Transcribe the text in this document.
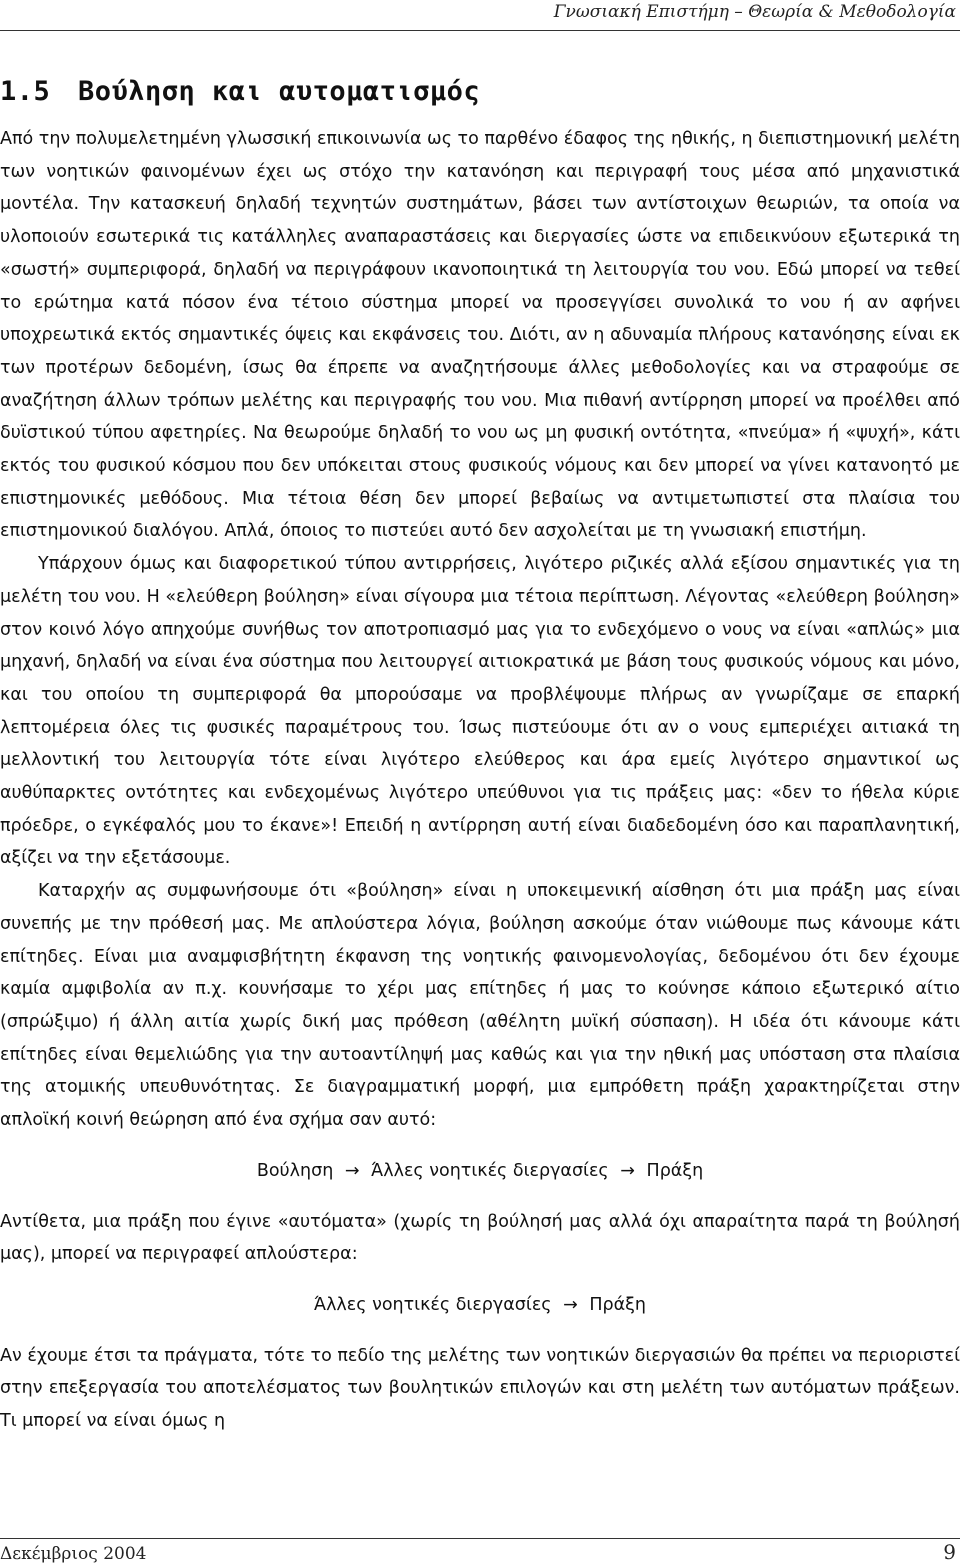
Γνωσιακή Επιστήμη – Θεωρία & Μεθοδολογία
1.5 Βούληση και αυτοματισμός

Από την πολυμελετημένη γλωσσική επικοινωνία ως το παρθένο έδαφος της ηθικής, η διεπιστημονική μελέτη των νοητικών φαινομένων έχει ως στόχο την κατανόηση και περιγραφή τους μέσα από μηχανιστικά μοντέλα. Την κατασκευή δηλαδή τεχνητών συστημάτων, βάσει των αντίστοιχων θεωριών, τα οποία να υλοποιούν εσωτερικά τις κατάλληλες αναπαραστάσεις και διεργασίες ώστε να επιδεικνύουν εξωτερικά τη «σωστή» συμπεριφορά, δηλαδή να περιγράφουν ικανοποιητικά τη λειτουργία του νου. Εδώ μπορεί να τεθεί το ερώτημα κατά πόσον ένα τέτοιο σύστημα μπορεί να προσεγγίσει συνολικά το νου ή αν αφήνει υποχρεωτικά εκτός σημαντικές όψεις και εκφάνσεις του. Διότι, αν η αδυναμία πλήρους κατανόησης είναι εκ των προτέρων δεδομένη, ίσως θα έπρεπε να αναζητήσουμε άλλες μεθοδολογίες και να στραφούμε σε αναζήτηση άλλων τρόπων μελέτης και περιγραφής του νου. Μια πιθανή αντίρρηση μπορεί να προέλθει από δυϊστικού τύπου αφετηρίες. Να θεωρούμε δηλαδή το νου ως μη φυσική οντότητα, «πνεύμα» ή «ψυχή», κάτι εκτός του φυσικού κόσμου που δεν υπόκειται στους φυσικούς νόμους και δεν μπορεί να γίνει κατανοητό με επιστημονικές μεθόδους. Μια τέτοια θέση δεν μπορεί βεβαίως να αντιμετωπιστεί στα πλαίσια του επιστημονικού διαλόγου. Απλά, όποιος το πιστεύει αυτό δεν ασχολείται με τη γνωσιακή επιστήμη.

Υπάρχουν όμως και διαφορετικού τύπου αντιρρήσεις, λιγότερο ριζικές αλλά εξίσου σημαντικές για τη μελέτη του νου. Η «ελεύθερη βούληση» είναι σίγουρα μια τέτοια περίπτωση. Λέγοντας «ελεύθερη βούληση» στον κοινό λόγο απηχούμε συνήθως τον αποτροπιασμό μας για το ενδεχόμενο ο νους να είναι «απλώς» μια μηχανή, δηλαδή να είναι ένα σύστημα που λειτουργεί αιτιοκρατικά με βάση τους φυσικούς νόμους και μόνο, και του οποίου τη συμπεριφορά θα μπορούσαμε να προβλέψουμε πλήρως αν γνωρίζαμε σε επαρκή λεπτομέρεια όλες τις φυσικές παραμέτρους του. Ίσως πιστεύουμε ότι αν ο νους εμπεριέχει αιτιακά τη μελλοντική του λειτουργία τότε είναι λιγότερο ελεύθερος και άρα εμείς λιγότερο σημαντικοί ως αυθύπαρκτες οντότητες και ενδεχομένως λιγότερο υπεύθυνοι για τις πράξεις μας: «δεν το ήθελα κύριε πρόεδρε, ο εγκέφαλός μου το έκανε»! Επειδή η αντίρρηση αυτή είναι διαδεδομένη όσο και παραπλανητική, αξίζει να την εξετάσουμε.

Καταρχήν ας συμφωνήσουμε ότι «βούληση» είναι η υποκειμενική αίσθηση ότι μια πράξη μας είναι συνεπής με την πρόθεσή μας. Με απλούστερα λόγια, βούληση ασκούμε όταν νιώθουμε πως κάνουμε κάτι επίτηδες. Είναι μια αναμφισβήτητη έκφανση της νοητικής φαινομενολογίας, δεδομένου ότι δεν έχουμε καμία αμφιβολία αν π.χ. κουνήσαμε το χέρι μας επίτηδες ή μας το κούνησε κάποιο εξωτερικό αίτιο (σπρώξιμο) ή άλλη αιτία χωρίς δική μας πρόθεση (αθέλητη μυϊκή σύσπαση). Η ιδέα ότι κάνουμε κάτι επίτηδες είναι θεμελιώδης για την αυτοαντίληψή μας καθώς και για την ηθική μας υπόσταση στα πλαίσια της ατομικής υπευθυνότητας. Σε διαγραμματική μορφή, μια εμπρόθετη πράξη χαρακτηρίζεται στην απλοϊκή κοινή θεώρηση από ένα σχήμα σαν αυτό:

Βούληση → Άλλες νοητικές διεργασίες → Πράξη

Αντίθετα, μια πράξη που έγινε «αυτόματα» (χωρίς τη βούλησή μας αλλά όχι απαραίτητα παρά τη βούλησή μας), μπορεί να περιγραφεί απλούστερα:

Άλλες νοητικές διεργασίες → Πράξη

Αν έχουμε έτσι τα πράγματα, τότε το πεδίο της μελέτης των νοητικών διεργασιών θα πρέπει να περιοριστεί στην επεξεργασία του αποτελέσματος των βουλητικών επιλογών και στη μελέτη των αυτόματων πράξεων. Τι μπορεί να είναι όμως η

Δεκέμβριος 2004	9
